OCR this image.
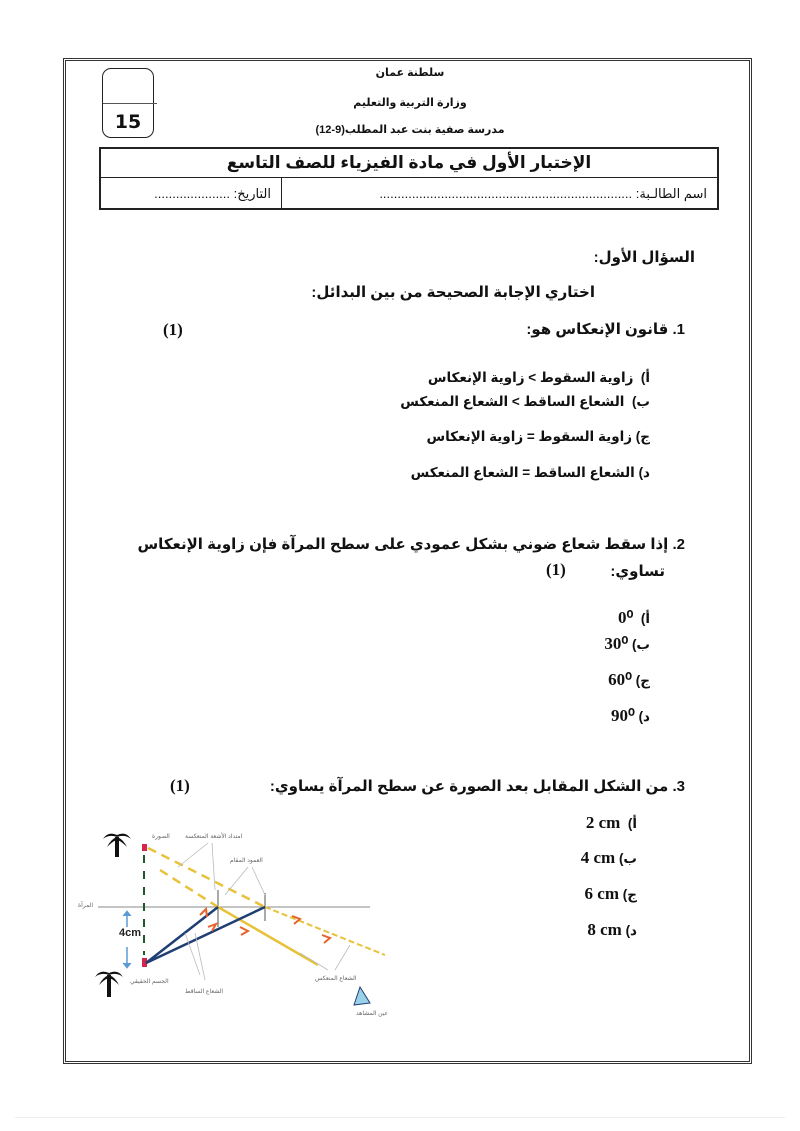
15
سلطنة عمان
وزارة التربية والتعليم
مدرسة صفية بنت عبد المطلب(9-12)
الإختبار الأول في مادة الفيزياء للصف التاسع
اسم الطالـبة: ......................................................................
التاريخ: .....................
السؤال الأول:
اختاري الإجابة الصحيحة من بين البدائل:
1. قانون الإنعكاس هو:
(1)
أ)  زاوية السقوط > زاوية الإنعكاس
ب)  الشعاع الساقط > الشعاع المنعكس
ج) زاوية السقوط = زاوية الإنعكاس
د) الشعاع الساقط = الشعاع المنعكس
2. إذا سقط شعاع ضوني بشكل عمودي على سطح المرآة فإن زاوية الإنعكاس
تساوي:
(1)
أ)  0⁰
ب) 30⁰
ج) 60⁰
د) 90⁰
3. من الشكل المقابل بعد الصورة عن سطح المرآة يساوي:
(1)
أ)  2 cm
ب) 4 cm
ج) 6 cm
د) 8 cm
4cm
الصورة	امتداد الأشعة المنعكسة
العمود المقام
المرآة
الجسم الحقيقي
الشعاع الساقط
الشعاع المنعكس
عين المشاهد
